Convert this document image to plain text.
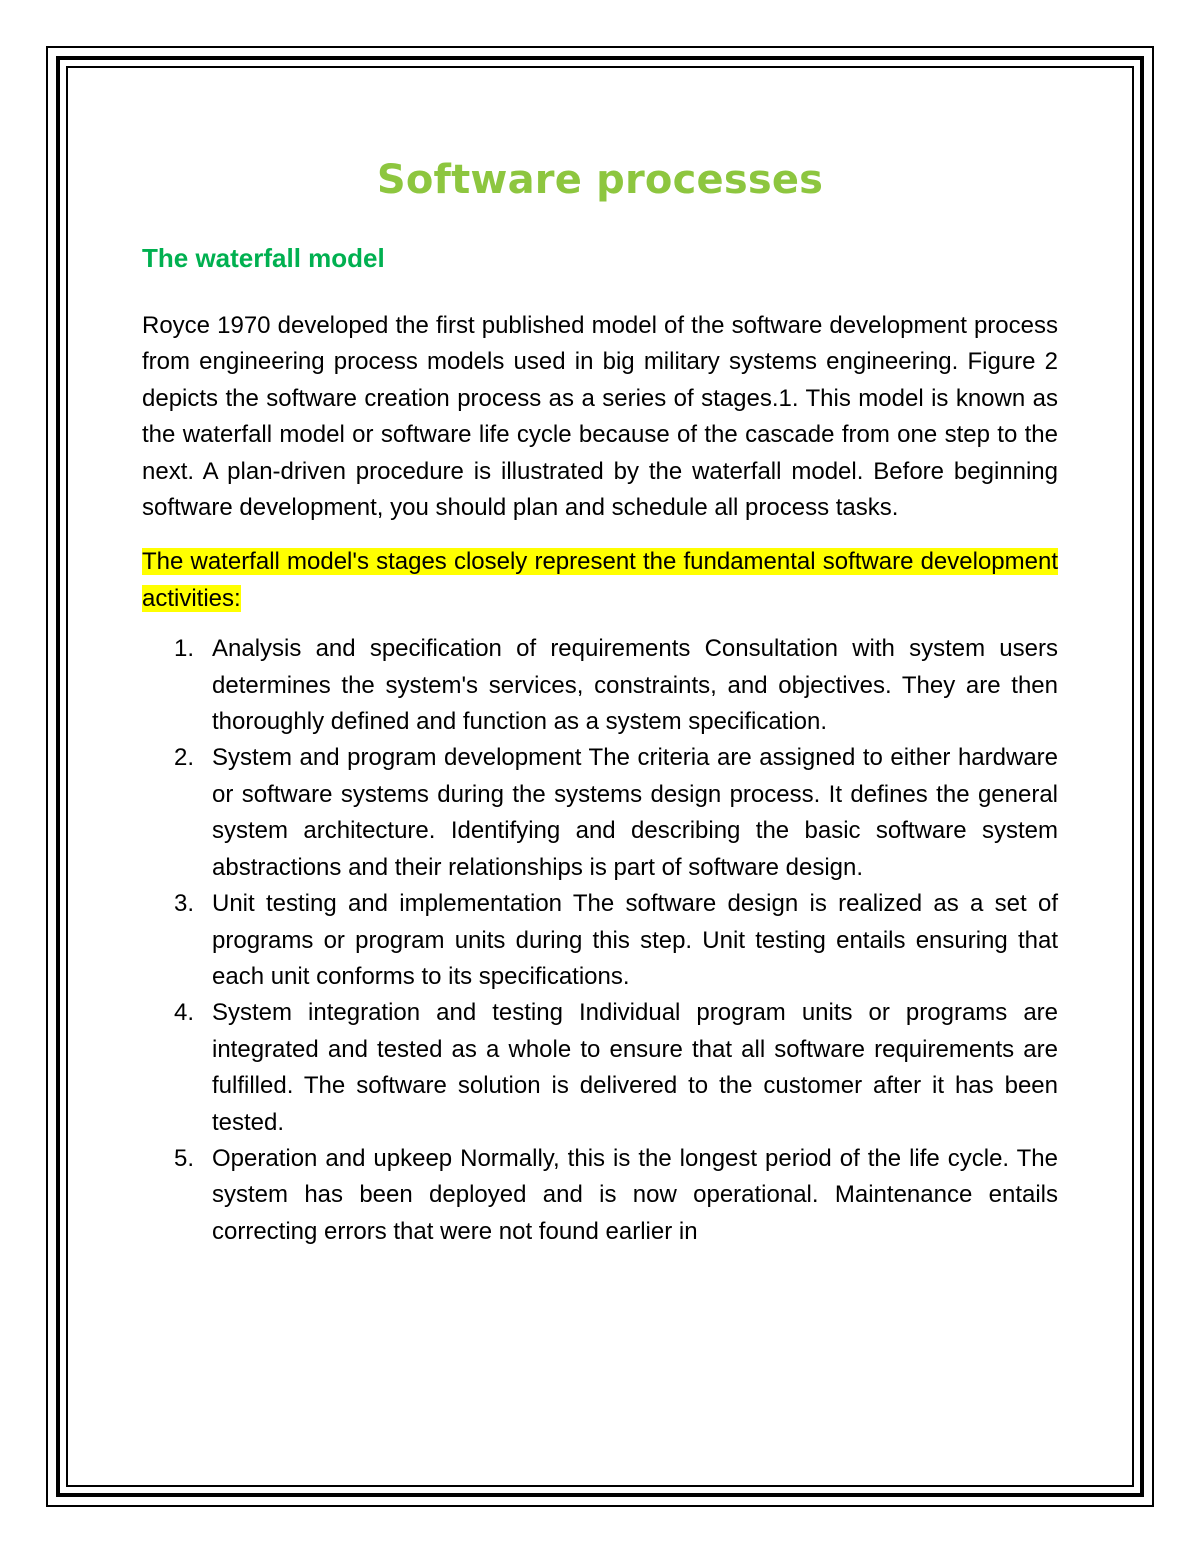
Software processes
The waterfall model

Royce 1970 developed the first published model of the software development process from engineering process models used in big military systems engineering. Figure 2 depicts the software creation process as a series of stages.1. This model is known as the waterfall model or software life cycle because of the cascade from one step to the next. A plan-driven procedure is illustrated by the waterfall model. Before beginning software development, you should plan and schedule all process tasks.

The waterfall model's stages closely represent the fundamental software development activities:

1. Analysis and specification of requirements Consultation with system users determines the system's services, constraints, and objectives. They are then thoroughly defined and function as a system specification.
2. System and program development The criteria are assigned to either hardware or software systems during the systems design process. It defines the general system architecture. Identifying and describing the basic software system abstractions and their relationships is part of software design.
3. Unit testing and implementation The software design is realized as a set of programs or program units during this step. Unit testing entails ensuring that each unit conforms to its specifications.
4. System integration and testing Individual program units or programs are integrated and tested as a whole to ensure that all software requirements are fulfilled. The software solution is delivered to the customer after it has been tested.
5. Operation and upkeep Normally, this is the longest period of the life cycle. The system has been deployed and is now operational. Maintenance entails correcting errors that were not found earlier in
